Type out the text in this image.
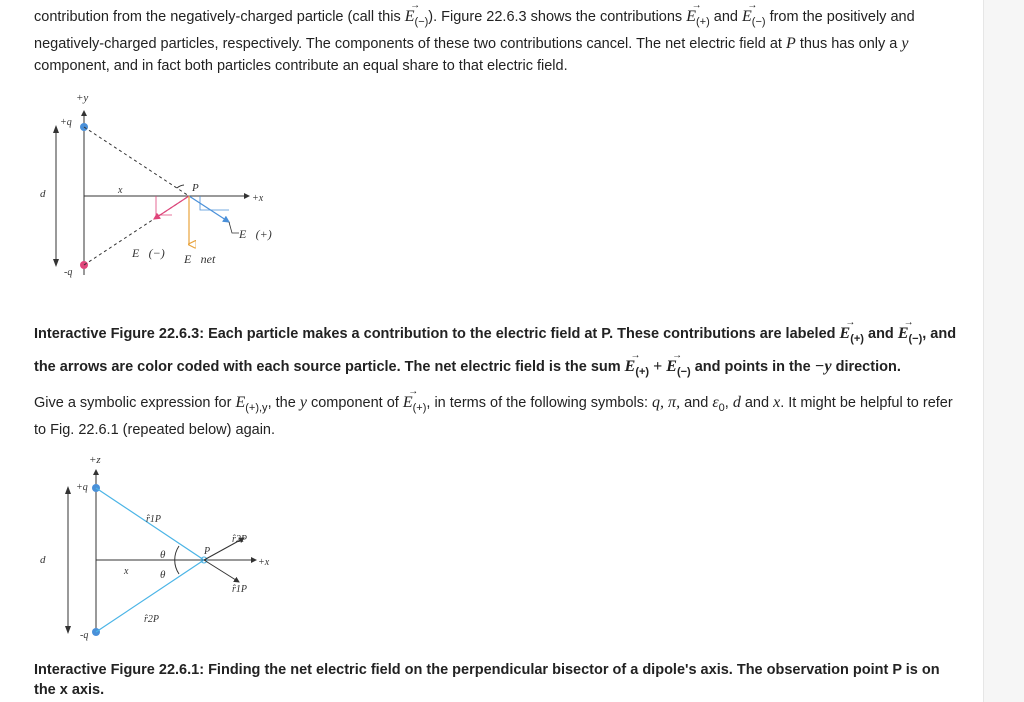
contribution from the negatively-charged particle (call this → $E_{(-)}$). Figure 22.6.3 shows the contributions → $E_{(+)}$ and → $E_{(-)}$ from the positively and negatively-charged particles, respectively. The components of these two contributions cancel. The net electric field at P thus has only a y component, and in fact both particles contribute an equal share to that electric field.

Interactive Figure 22.6.3: Each particle makes a contribution to the electric field at P. These contributions are labeled → $E_{(+)}$ and → $E_{(-)}$, and the arrows are color coded with each source particle. The net electric field is the sum → $E_{(+)}$ + → $E_{(-)}$ and points in the −y direction.

Give a symbolic expression for $E_{(+),y}$, the y component of → $E_{(+)}$, in terms of the following symbols: q, π, and $\varepsilon_0$, d and x. It might be helpful to refer to Fig. 22.6.1 (repeated below) again.

Interactive Figure 22.6.1: Finding the net electric field on the perpendicular bisector of a dipole's axis. The observation point P is on the x axis.

+y
d
+q
-q
+x
x	P
E⃗(+)
E⃗(−) E⃗net
+z
d
+q
-q
+x
x
r̂1P
r̂2P
θ
θ
P
r̂2P
r̂1P
